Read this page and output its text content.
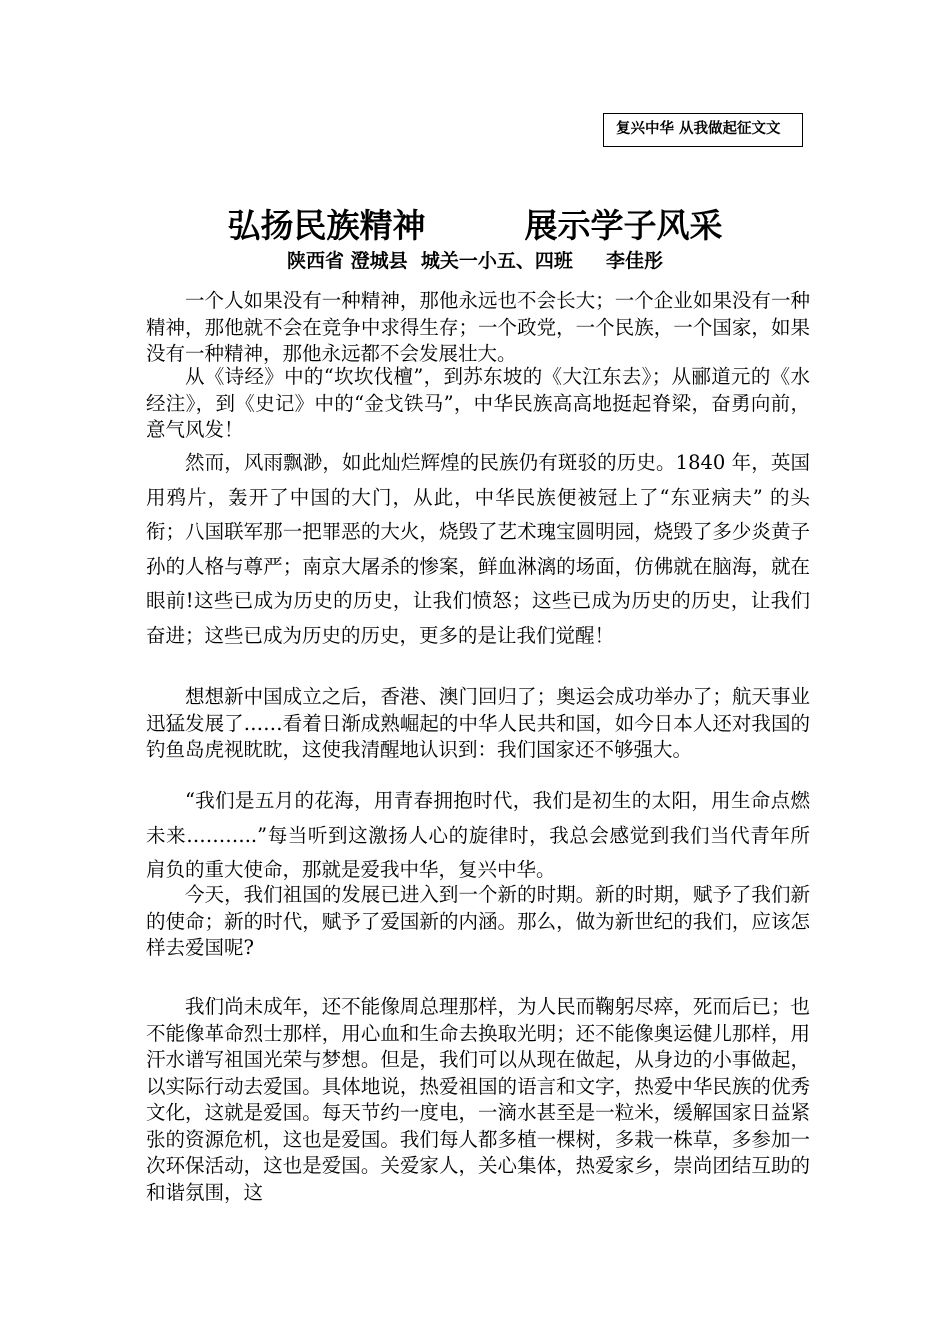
复兴中华 从我做起征文文
弘扬民族精神　　　展示学子风采
陕西省 澄城县  城关一小五、四班     李佳彤

一个人如果没有一种精神，那他永远也不会长大；一个企业如果没有一种精神，那他就不会在竞争中求得生存；一个政党，一个民族，一个国家，如果没有一种精神，那他永远都不会发展壮大。

从《诗经》中的“坎坎伐檀”，到苏东坡的《大江东去》；从郦道元的《水经注》，到《史记》中的“金戈铁马”，中华民族高高地挺起脊梁，奋勇向前，意气风发！

然而，风雨飘渺，如此灿烂辉煌的民族仍有斑驳的历史。1840 年，英国用鸦片，轰开了中国的大门，从此，中华民族便被冠上了“东亚病夫” 的头衔；八国联军那一把罪恶的大火，烧毁了艺术瑰宝圆明园，烧毁了多少炎黄子孙的人格与尊严；南京大屠杀的惨案，鲜血淋漓的场面，仿佛就在脑海，就在眼前!这些已成为历史的历史，让我们愤怒；这些已成为历史的历史，让我们奋进；这些已成为历史的历史，更多的是让我们觉醒！

想想新中国成立之后，香港、澳门回归了；奥运会成功举办了；航天事业迅猛发展了……看着日渐成熟崛起的中华人民共和国，如今日本人还对我国的钓鱼岛虎视眈眈，这使我清醒地认识到：我们国家还不够强大。

“我们是五月的花海，用青春拥抱时代，我们是初生的太阳，用生命点燃未来………..”每当听到这激扬人心的旋律时，我总会感觉到我们当代青年所肩负的重大使命，那就是爱我中华，复兴中华。

今天，我们祖国的发展已进入到一个新的时期。新的时期，赋予了我们新的使命；新的时代，赋予了爱国新的内涵。那么，做为新世纪的我们，应该怎样去爱国呢?

我们尚未成年，还不能像周总理那样，为人民而鞠躬尽瘁，死而后已；也不能像革命烈士那样，用心血和生命去换取光明；还不能像奥运健儿那样，用汗水谱写祖国光荣与梦想。但是，我们可以从现在做起，从身边的小事做起，以实际行动去爱国。具体地说，热爱祖国的语言和文字，热爱中华民族的优秀文化，这就是爱国。每天节约一度电，一滴水甚至是一粒米，缓解国家日益紧张的资源危机，这也是爱国。我们每人都多植一棵树，多栽一株草，多参加一次环保活动，这也是爱国。关爱家人，关心集体，热爱家乡，崇尚团结互助的和谐氛围，这
